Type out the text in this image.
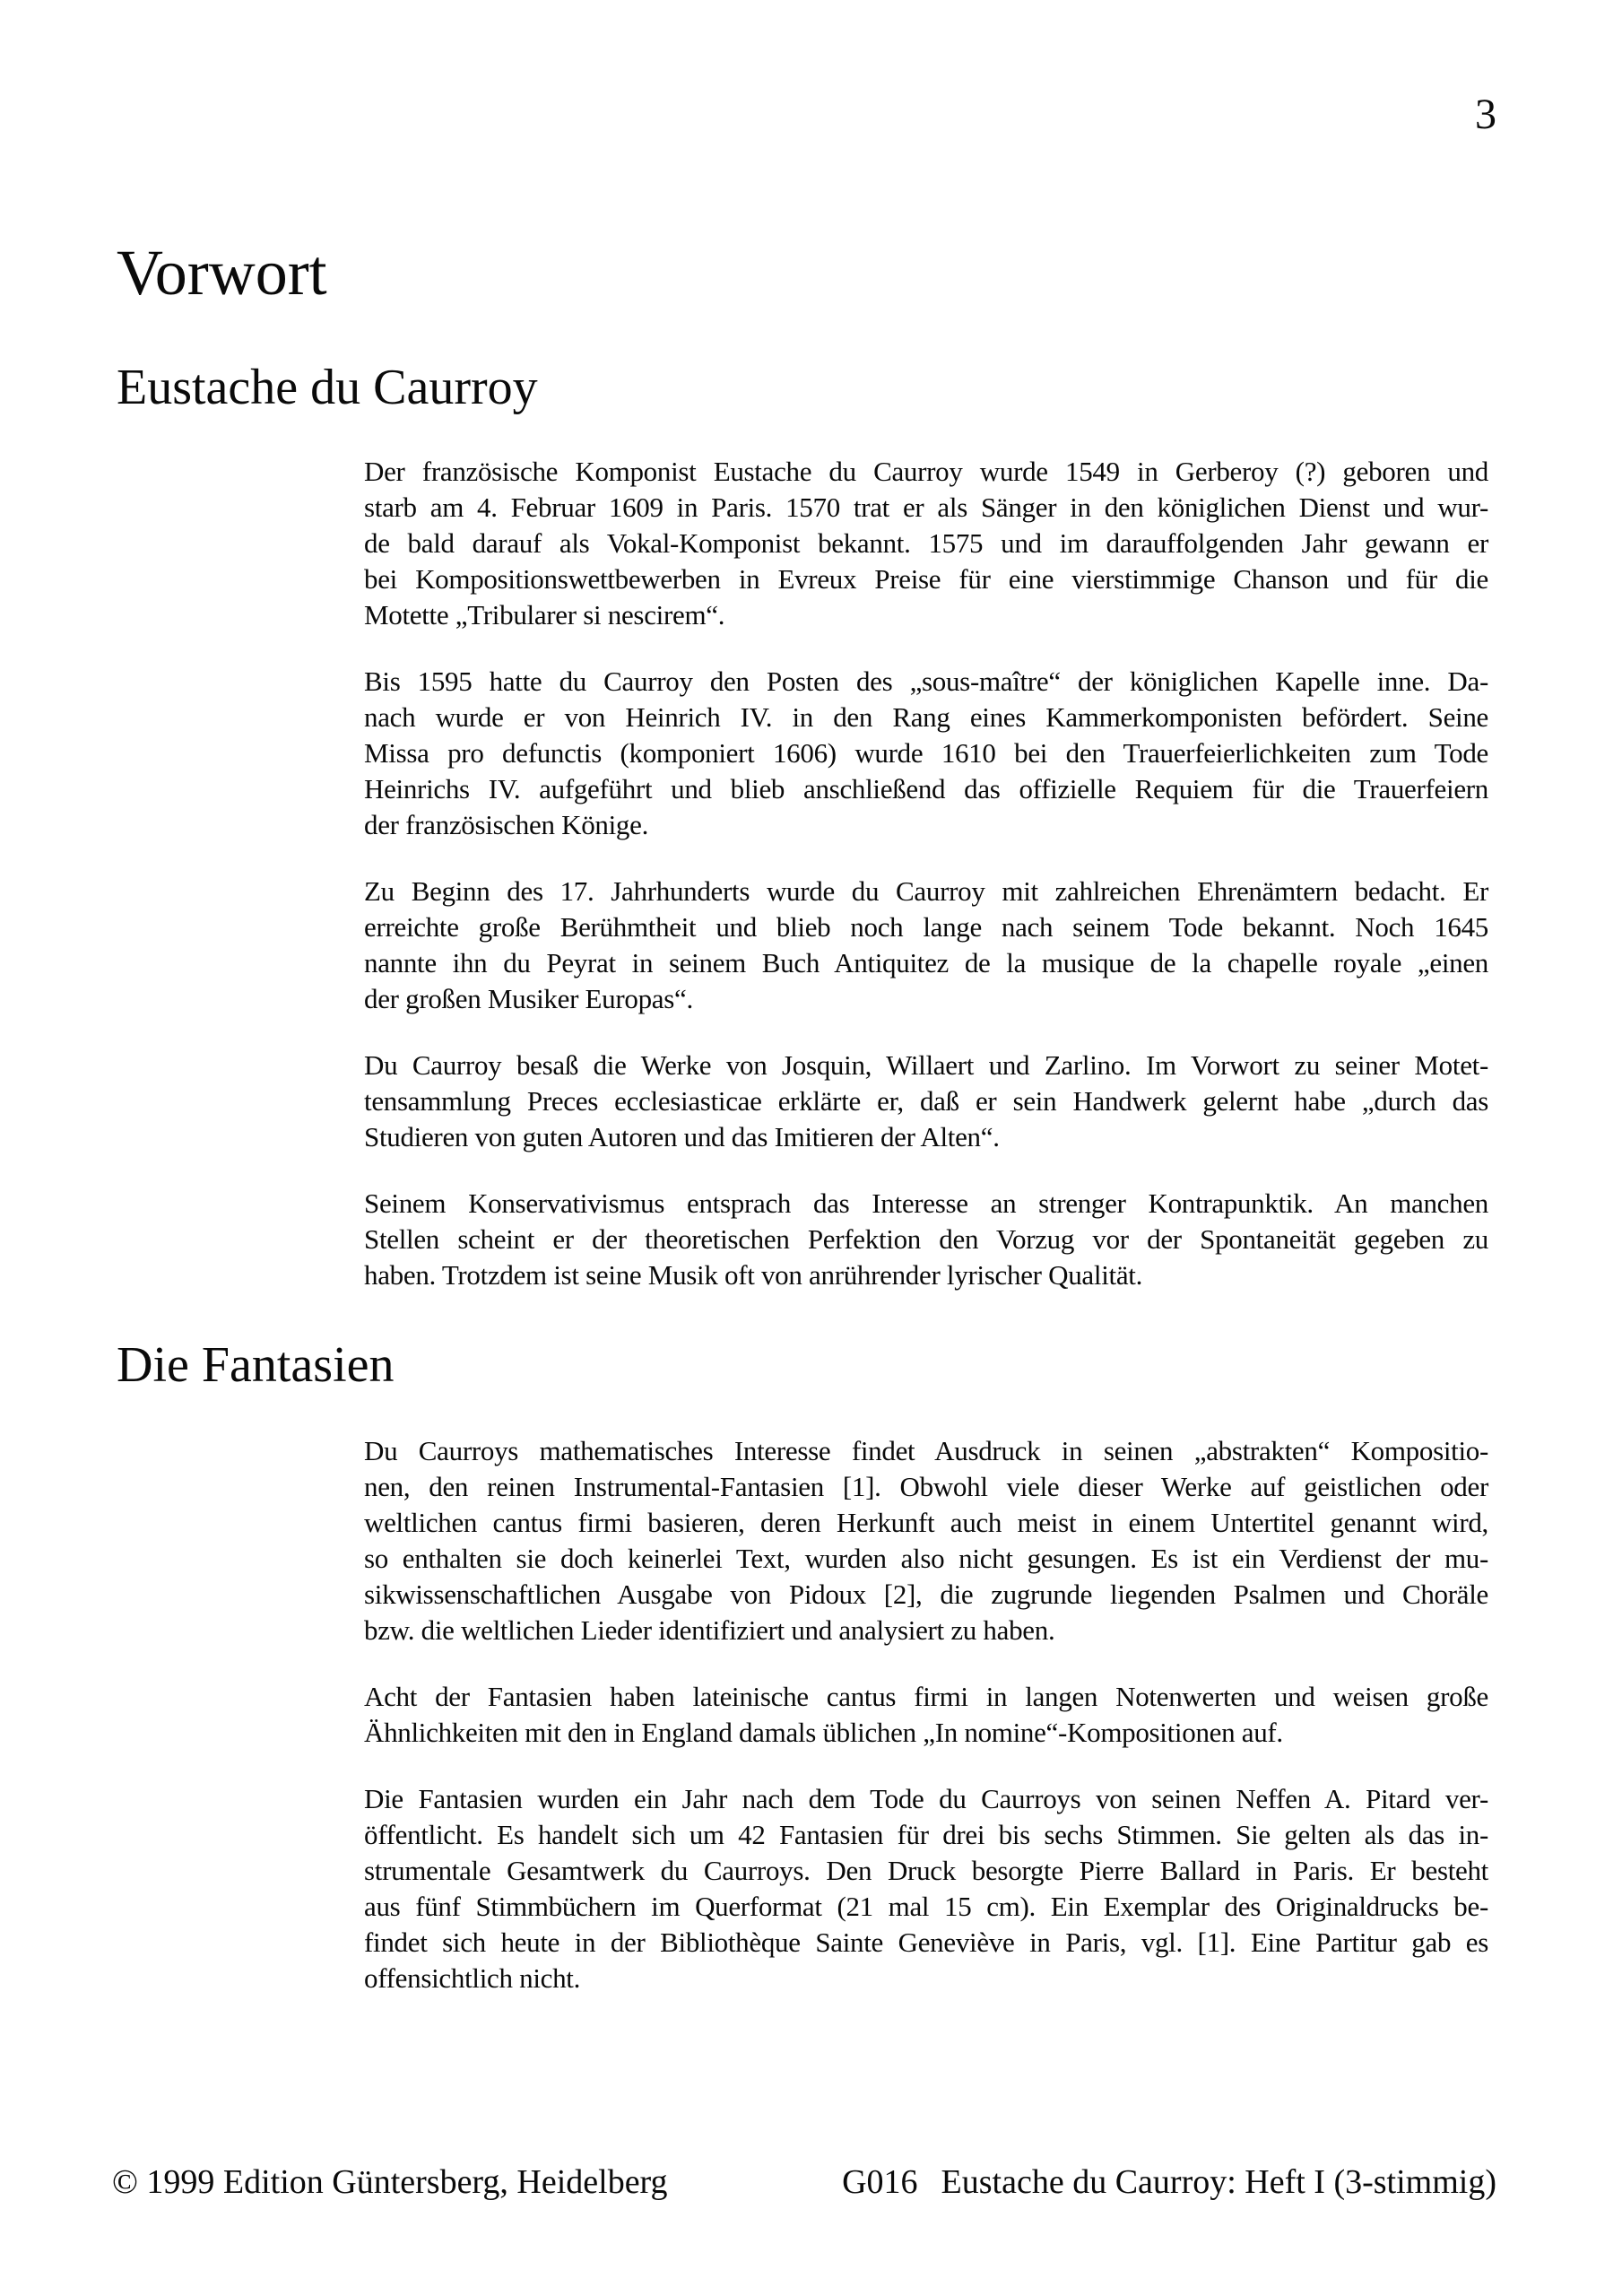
3
Vorwort
Eustache du Caurroy
Der französische Komponist Eustache du Caurroy wurde 1549 in Gerberoy (?) geboren und
starb am 4. Februar 1609 in Paris. 1570 trat er als Sänger in den königlichen Dienst und wur-
de bald darauf als Vokal-Komponist bekannt. 1575 und im darauffolgenden Jahr gewann er
bei Kompositionswettbewerben in Evreux Preise für eine vierstimmige Chanson und für die
Motette „Tribularer si nescirem“.
Bis 1595 hatte du Caurroy den Posten des „sous-maître“ der königlichen Kapelle inne. Da-
nach wurde er von Heinrich IV. in den Rang eines Kammerkomponisten befördert. Seine
Missa pro defunctis (komponiert 1606) wurde 1610 bei den Trauerfeierlichkeiten zum Tode
Heinrichs IV. aufgeführt und blieb anschließend das offizielle Requiem für die Trauerfeiern
der französischen Könige.
Zu Beginn des 17. Jahrhunderts wurde du Caurroy mit zahlreichen Ehrenämtern bedacht. Er
erreichte große Berühmtheit und blieb noch lange nach seinem Tode bekannt. Noch 1645
nannte ihn du Peyrat in seinem Buch Antiquitez de la musique de la chapelle royale „einen
der großen Musiker Europas“.
Du Caurroy besaß die Werke von Josquin, Willaert und Zarlino. Im Vorwort zu seiner Motet-
tensammlung Preces ecclesiasticae erklärte er, daß er sein Handwerk gelernt habe „durch das
Studieren von guten Autoren und das Imitieren der Alten“.
Seinem Konservativismus entsprach das Interesse an strenger Kontrapunktik. An manchen
Stellen scheint er der theoretischen Perfektion den Vorzug vor der Spontaneität gegeben zu
haben. Trotzdem ist seine Musik oft von anrührender lyrischer Qualität.
Die Fantasien
Du Caurroys mathematisches Interesse findet Ausdruck in seinen „abstrakten“ Kompositio-
nen, den reinen Instrumental-Fantasien [1]. Obwohl viele dieser Werke auf geistlichen oder
weltlichen cantus firmi basieren, deren Herkunft auch meist in einem Untertitel genannt wird,
so enthalten sie doch keinerlei Text, wurden also nicht gesungen. Es ist ein Verdienst der mu-
sikwissenschaftlichen Ausgabe von Pidoux [2], die zugrunde liegenden Psalmen und Choräle
bzw. die weltlichen Lieder identifiziert und analysiert zu haben.
Acht der Fantasien haben lateinische cantus firmi in langen Notenwerten und weisen große
Ähnlichkeiten mit den in England damals üblichen „In nomine“-Kompositionen auf.
Die Fantasien wurden ein Jahr nach dem Tode du Caurroys von seinen Neffen A. Pitard ver-
öffentlicht. Es handelt sich um 42 Fantasien für drei bis sechs Stimmen. Sie gelten als das in-
strumentale Gesamtwerk du Caurroys. Den Druck besorgte Pierre Ballard in Paris. Er besteht
aus fünf Stimmbüchern im Querformat (21 mal 15 cm). Ein Exemplar des Originaldrucks be-
findet sich heute in der Bibliothèque Sainte Geneviève in Paris, vgl. [1]. Eine Partitur gab es
offensichtlich nicht.
© 1999 Edition Güntersberg, Heidelberg	G016 Eustache du Caurroy: Heft I (3-stimmig)
